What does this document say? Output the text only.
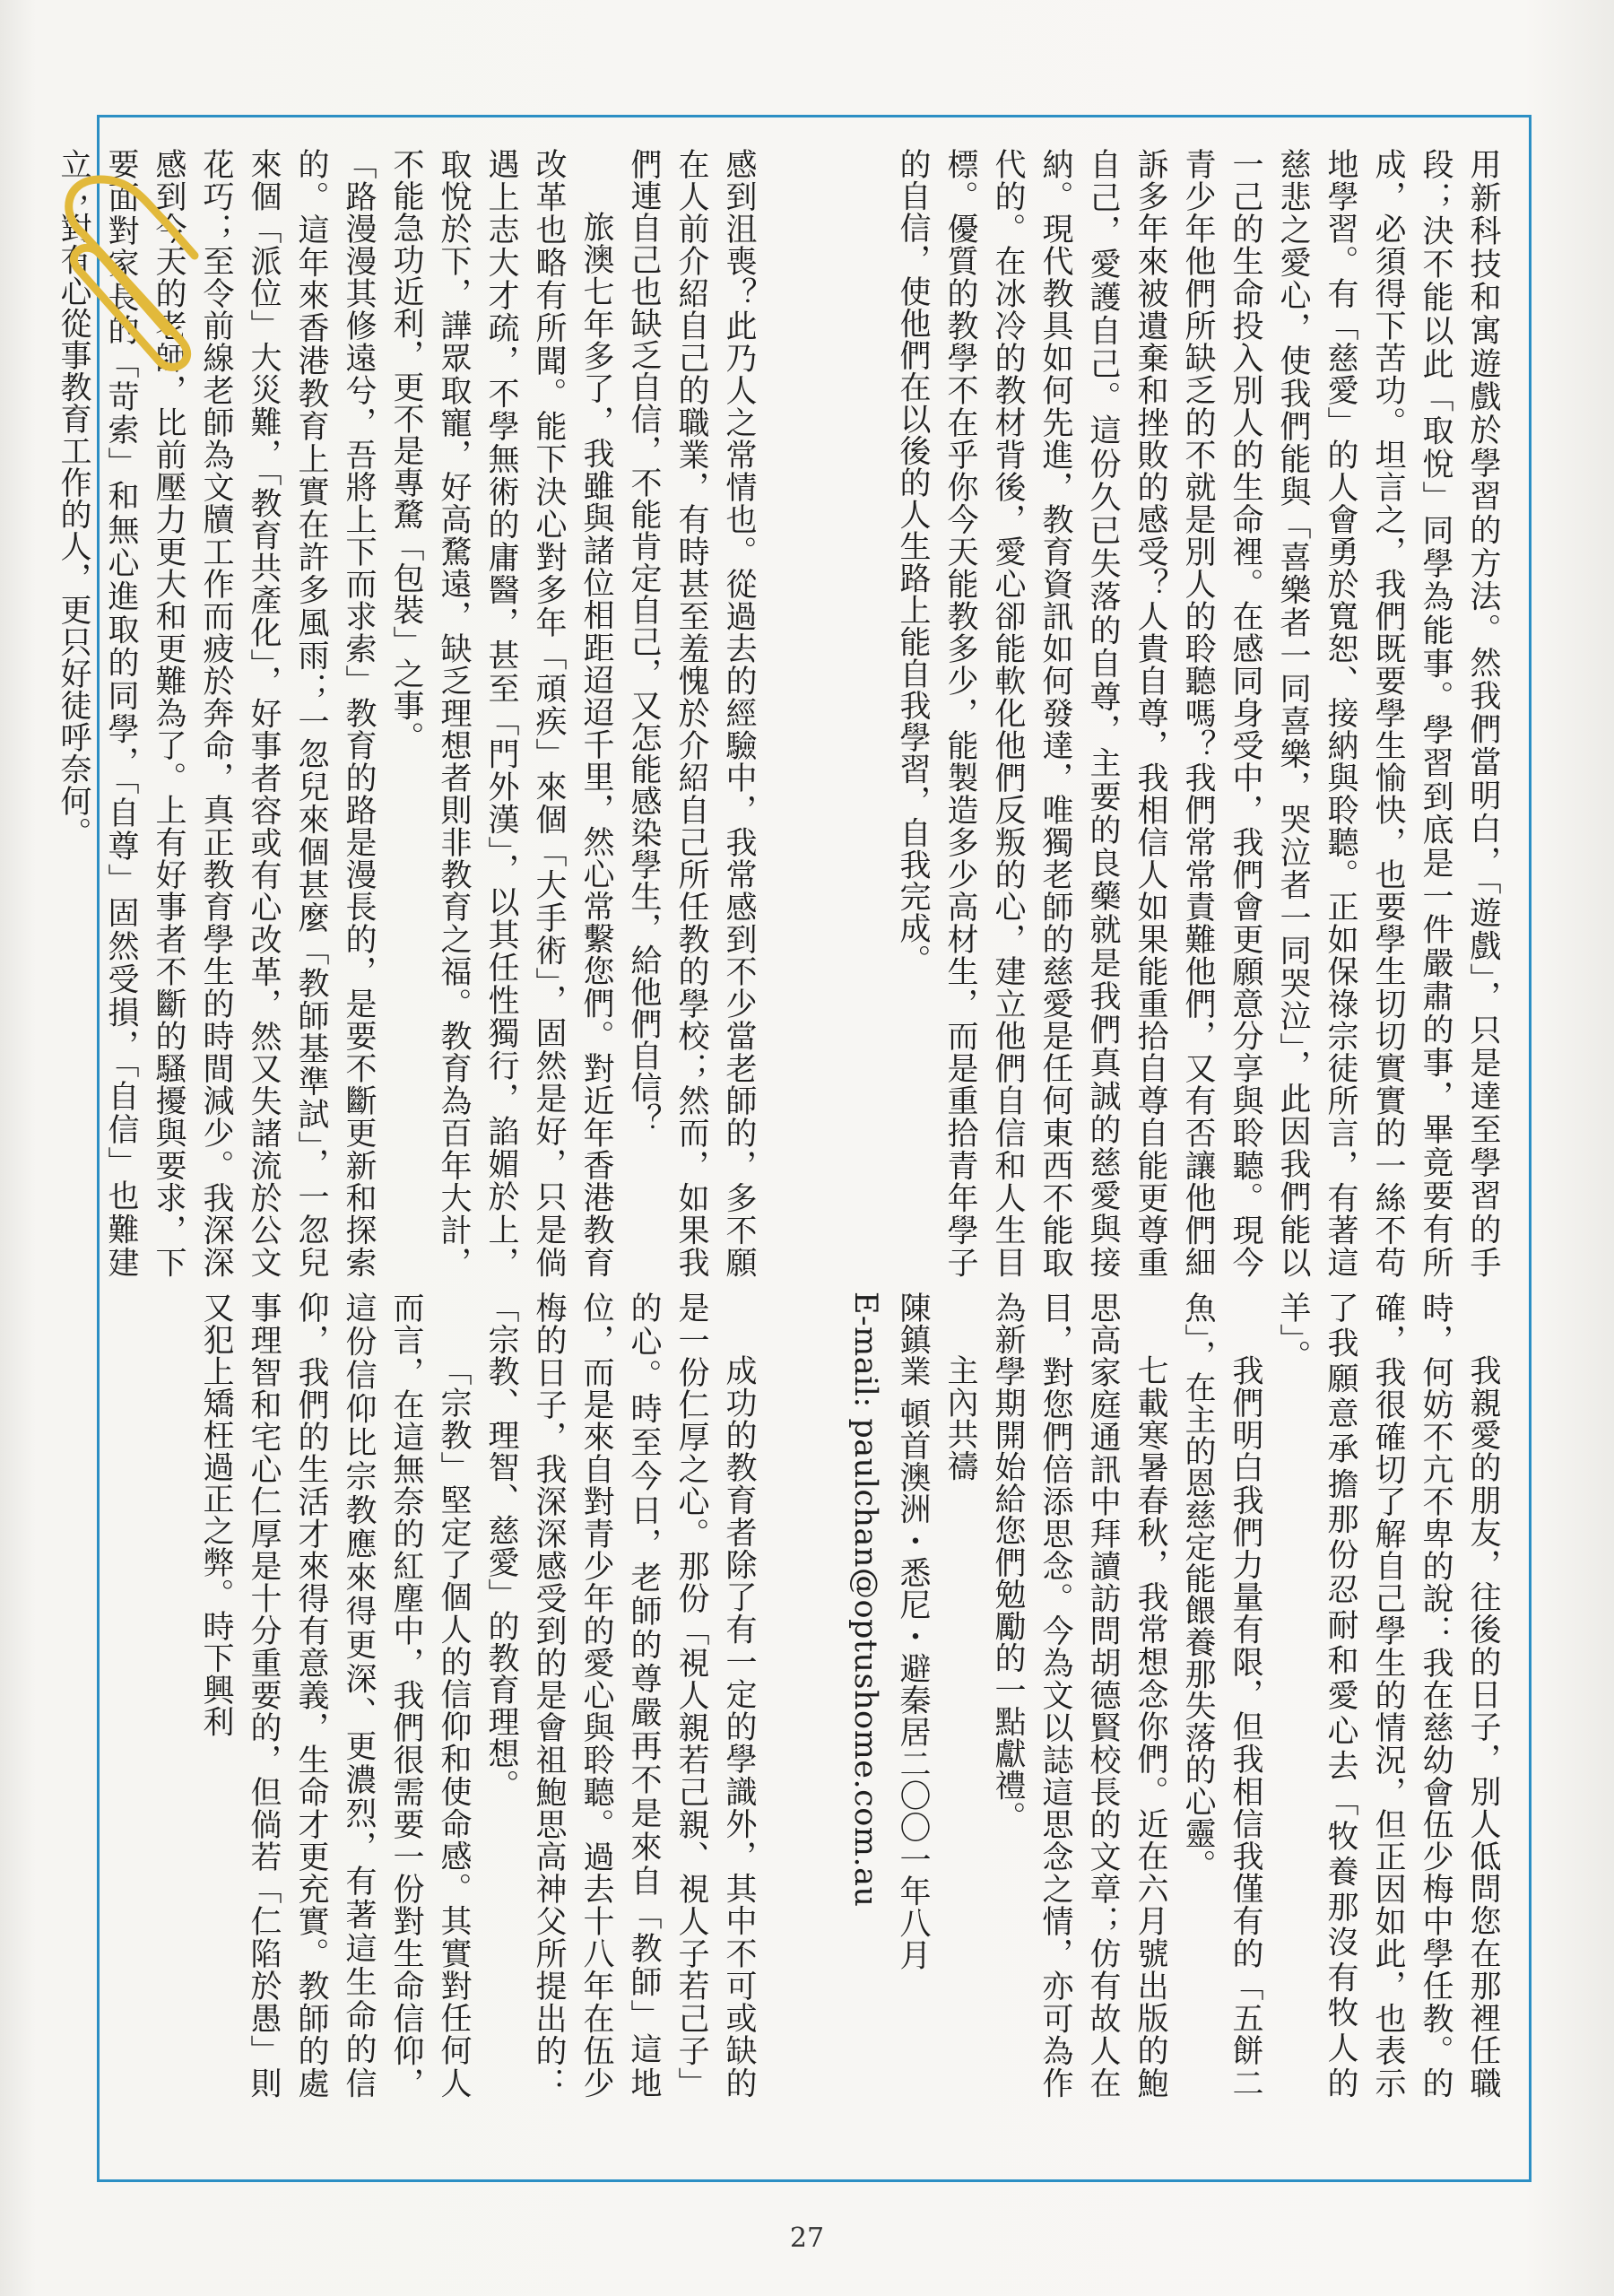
用新科技和寓遊戲於學習的方法。然我們當明白，「遊戲」，只是達至學習的手段；決不能以此「取悅」同學為能事。學習到底是一件嚴肅的事，畢竟要有所成，必須得下苦功。坦言之，我們既要學生愉快，也要學生切切實實的一絲不苟地學習。有「慈愛」的人會勇於寬恕、接納與聆聽。正如保祿宗徒所言，有著這慈悲之愛心，使我們能與「喜樂者一同喜樂，哭泣者一同哭泣」，此因我們能以一己的生命投入別人的生命裡。在感同身受中，我們會更願意分享與聆聽。現今青少年他們所缺乏的不就是別人的聆聽嗎？我們常常責難他們，又有否讓他們細訴多年來被遺棄和挫敗的感受？人貴自尊，我相信人如果能重拾自尊自能更尊重自己，愛護自己。這份久已失落的自尊，主要的良藥就是我們真誠的慈愛與接納。現代教具如何先進，教育資訊如何發達，唯獨老師的慈愛是任何東西不能取代的。在冰冷的教材背後，愛心卻能軟化他們反叛的心，建立他們自信和人生目標。優質的教學不在乎你今天能教多少，能製造多少高材生，而是重拾青年學子的自信，使他們在以後的人生路上能自我學習，自我完成。

感到沮喪？此乃人之常情也。從過去的經驗中，我常感到不少當老師的，多不願在人前介紹自己的職業，有時甚至羞愧於介紹自己所任教的學校；然而，如果我們連自己也缺乏自信，不能肯定自己，又怎能感染學生，給他們自信？

旅澳七年多了，我雖與諸位相距迢迢千里，然心常繫您們。對近年香港教育改革也略有所聞。能下決心對多年「頑疾」來個「大手術」，固然是好，只是倘遇上志大才疏，不學無術的庸醫，甚至「門外漢」，以其任性獨行，諂媚於上，取悅於下，譁眾取寵，好高騖遠，缺乏理想者則非教育之福。教育為百年大計，不能急功近利，更不是專騖「包裝」之事。

「路漫漫其修遠兮，吾將上下而求索」教育的路是漫長的，是要不斷更新和探索的。這年來香港教育上實在許多風雨；一忽兒來個甚麼「教師基準試」，一忽兒來個「派位」大災難，「教育共產化」，好事者容或有心改革，然又失諸流於公文花巧；至令前線老師為文牘工作而疲於奔命，真正教育學生的時間減少。我深深感到今天的老師，比前壓力更大和更難為了。上有好事者不斷的騷擾與要求，下要面對家長的「苛索」和無心進取的同學，「自尊」固然受損，「自信」也難建立；對有心從事教育工作的人，更只好徒呼奈何。

我親愛的朋友，往後的日子，別人低問您在那裡任職時，何妨不亢不卑的說：我在慈幼會伍少梅中學任教。的確，我很確切了解自己學生的情況，但正因如此，也表示了我願意承擔那份忍耐和愛心去「牧養那沒有牧人的羊」。

我們明白我們力量有限，但我相信我僅有的「五餅二魚」，在主的恩慈定能餵養那失落的心靈。

七載寒暑春秋，我常想念你們。近在六月號出版的鮑思高家庭通訊中拜讀訪問胡德賢校長的文章；仿有故人在目，對您們倍添思念。今為文以誌這思念之情，亦可為作為新學期開始給您們勉勵的一點獻禮。

主內共禱

陳鎮業 頓首澳洲・悉尼・避秦居二〇〇一年八月

E-mail: paulchan@optushome.com.au

成功的教育者除了有一定的學識外，其中不可或缺的是一份仁厚之心。那份「視人親若己親、視人子若己子」的心。時至今日，老師的尊嚴再不是來自「教師」這地位，而是來自對青少年的愛心與聆聽。過去十八年在伍少梅的日子，我深深感受到的是會祖鮑思高神父所提出的：「宗教、理智、慈愛」的教育理想。

「宗教」堅定了個人的信仰和使命感。其實對任何人而言，在這無奈的紅塵中，我們很需要一份對生命信仰，這份信仰比宗教應來得更深、更濃烈，有著這生命的信仰，我們的生活才來得有意義，生命才更充實。教師的處事理智和宅心仁厚是十分重要的，但倘若「仁陷於愚」則又犯上矯枉過正之弊。時下興利

27
